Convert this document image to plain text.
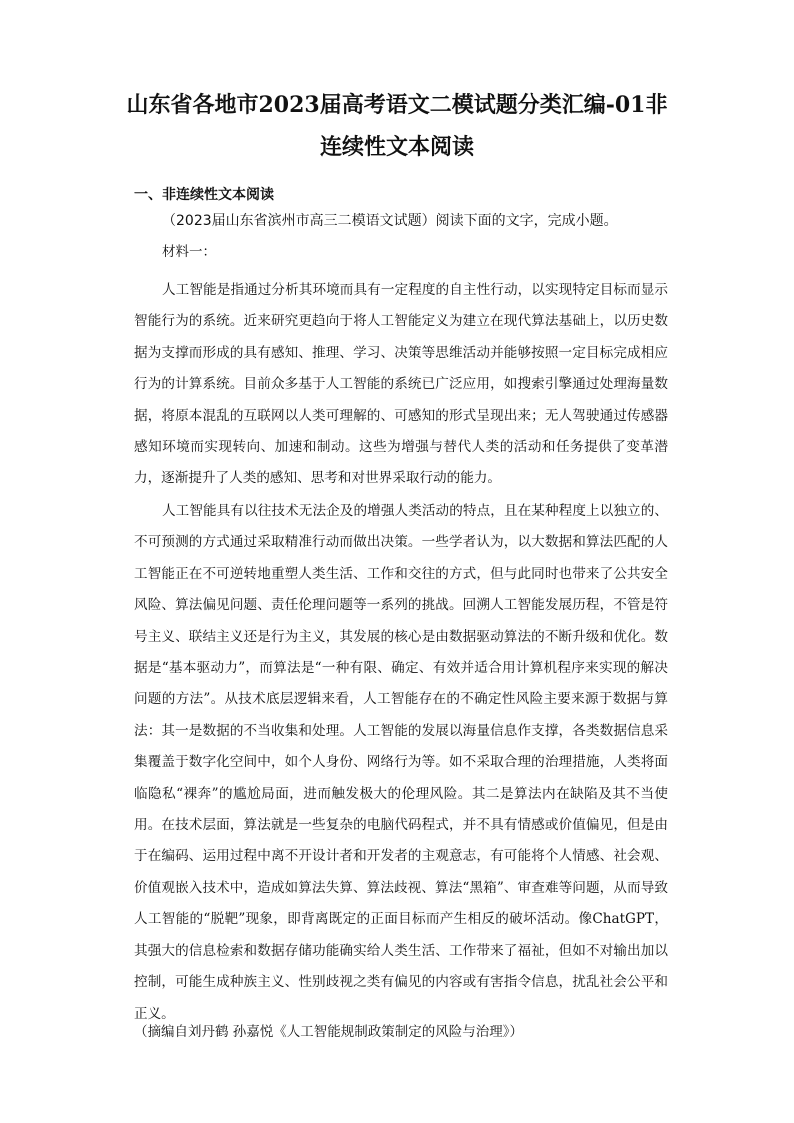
山东省各地市2023届高考语文二模试题分类汇编-01非连续性文本阅读
一、非连续性文本阅读
（2023届山东省滨州市高三二模语文试题）阅读下面的文字，完成小题。
材料一：

人工智能是指通过分析其环境而具有一定程度的自主性行动，以实现特定目标而显示智能行为的系统。近来研究更趋向于将人工智能定义为建立在现代算法基础上，以历史数据为支撑而形成的具有感知、推理、学习、决策等思维活动并能够按照一定目标完成相应行为的计算系统。目前众多基于人工智能的系统已广泛应用，如搜索引擎通过处理海量数据，将原本混乱的互联网以人类可理解的、可感知的形式呈现出来；无人驾驶通过传感器感知环境而实现转向、加速和制动。这些为增强与替代人类的活动和任务提供了变革潜力，逐渐提升了人类的感知、思考和对世界采取行动的能力。

人工智能具有以往技术无法企及的增强人类活动的特点，且在某种程度上以独立的、不可预测的方式通过采取精准行动而做出决策。一些学者认为，以大数据和算法匹配的人工智能正在不可逆转地重塑人类生活、工作和交往的方式，但与此同时也带来了公共安全风险、算法偏见问题、责任伦理问题等一系列的挑战。回溯人工智能发展历程，不管是符号主义、联结主义还是行为主义，其发展的核心是由数据驱动算法的不断升级和优化。数据是“基本驱动力”，而算法是“一种有限、确定、有效并适合用计算机程序来实现的解决问题的方法”。从技术底层逻辑来看，人工智能存在的不确定性风险主要来源于数据与算法：其一是数据的不当收集和处理。人工智能的发展以海量信息作支撑，各类数据信息采集覆盖于数字化空间中，如个人身份、网络行为等。如不采取合理的治理措施，人类将面临隐私“裸奔”的尴尬局面，进而触发极大的伦理风险。其二是算法内在缺陷及其不当使用。在技术层面，算法就是一些复杂的电脑代码程式，并不具有情感或价值偏见，但是由于在编码、运用过程中离不开设计者和开发者的主观意志，有可能将个人情感、社会观、价值观嵌入技术中，造成如算法失算、算法歧视、算法“黑箱”、审查难等问题，从而导致人工智能的“脱靶”现象，即背离既定的正面目标而产生相反的破坏活动。像ChatGPT，其强大的信息检索和数据存储功能确实给人类生活、工作带来了福祉，但如不对输出加以控制，可能生成种族主义、性别歧视之类有偏见的内容或有害指令信息，扰乱社会公平和正义。

（摘编自刘丹鹤 孙嘉悦《人工智能规制政策制定的风险与治理》）
